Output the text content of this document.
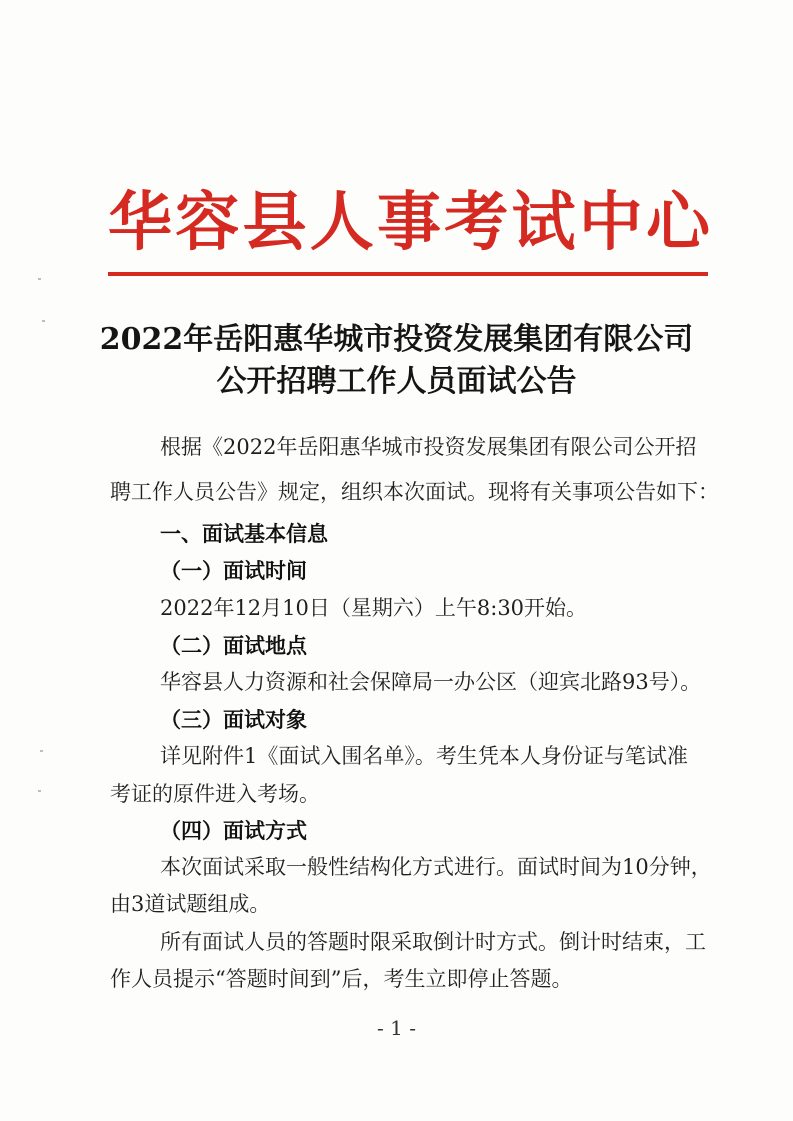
华 容 县 人 事 考 试 中 心
2022年岳阳惠华城市投资发展集团有限公司
公开招聘工作人员面试公告
根据《2022年岳阳惠华城市投资发展集团有限公司公开招
聘工作人员公告》规定，组织本次面试。现将有关事项公告如下：
一、面试基本信息
（一）面试时间
2022年12月10日（星期六）上午8:30开始。
（二）面试地点
华容县人力资源和社会保障局一办公区（迎宾北路93号）。
（三）面试对象
详见附件1《面试入围名单》。考生凭本人身份证与笔试准
考证的原件进入考场。
（四）面试方式
本次面试采取一般性结构化方式进行。面试时间为10分钟，
由3道试题组成。
所有面试人员的答题时限采取倒计时方式。倒计时结束，工
作人员提示“答题时间到”后，考生立即停止答题。
- 1 -
